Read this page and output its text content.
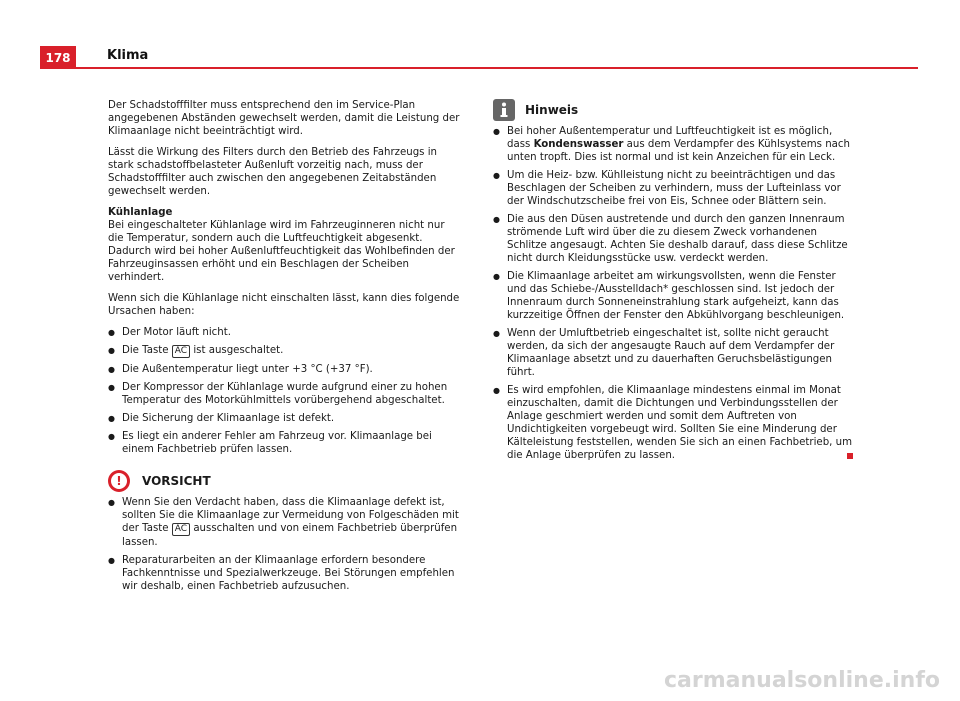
178	Klima

Der Schadstofffilter muss entsprechend den im Service-Plan angegebenen Abständen gewechselt werden, damit die Leistung der Klimaanlage nicht beeinträchtigt wird.

Lässt die Wirkung des Filters durch den Betrieb des Fahrzeugs in stark schadstoffbelasteter Außenluft vorzeitig nach, muss der Schadstofffilter auch zwischen den angegebenen Zeitabständen gewechselt werden.

Kühlanlage

Bei eingeschalteter Kühlanlage wird im Fahrzeuginneren nicht nur die Temperatur, sondern auch die Luftfeuchtigkeit abgesenkt. Dadurch wird bei hoher Außenluftfeuchtigkeit das Wohlbefinden der Fahrzeuginsassen erhöht und ein Beschlagen der Scheiben verhindert.

Wenn sich die Kühlanlage nicht einschalten lässt, kann dies folgende Ursachen haben:

● Der Motor läuft nicht.
● Die Taste AC ist ausgeschaltet.
● Die Außentemperatur liegt unter +3 °C (+37 °F).
● Der Kompressor der Kühlanlage wurde aufgrund einer zu hohen Temperatur des Motorkühlmittels vorübergehend abgeschaltet.
● Die Sicherung der Klimaanlage ist defekt.
● Es liegt ein anderer Fehler am Fahrzeug vor. Klimaanlage bei einem Fachbetrieb prüfen lassen.
!	VORSICHT
● Wenn Sie den Verdacht haben, dass die Klimaanlage defekt ist, sollten Sie die Klimaanlage zur Vermeidung von Folgeschäden mit der Taste AC ausschalten und von einem Fachbetrieb überprüfen lassen.
● Reparaturarbeiten an der Klimaanlage erfordern besondere Fachkenntnisse und Spezialwerkzeuge. Bei Störungen empfehlen wir deshalb, einen Fachbetrieb aufzusuchen.
Hinweis
● Bei hoher Außentemperatur und Luftfeuchtigkeit ist es möglich, dass Kondenswasser aus dem Verdampfer des Kühlsystems nach unten tropft. Dies ist normal und ist kein Anzeichen für ein Leck.
● Um die Heiz- bzw. Kühlleistung nicht zu beeinträchtigen und das Beschlagen der Scheiben zu verhindern, muss der Lufteinlass vor der Windschutzscheibe frei von Eis, Schnee oder Blättern sein.
● Die aus den Düsen austretende und durch den ganzen Innenraum strömende Luft wird über die zu diesem Zweck vorhandenen Schlitze angesaugt. Achten Sie deshalb darauf, dass diese Schlitze nicht durch Kleidungsstücke usw. verdeckt werden.
● Die Klimaanlage arbeitet am wirkungsvollsten, wenn die Fenster und das Schiebe-/Ausstelldach* geschlossen sind. Ist jedoch der Innenraum durch Sonneneinstrahlung stark aufgeheizt, kann das kurzzeitige Öffnen der Fenster den Abkühlvorgang beschleunigen.
● Wenn der Umluftbetrieb eingeschaltet ist, sollte nicht geraucht werden, da sich der angesaugte Rauch auf dem Verdampfer der Klimaanlage absetzt und zu dauerhaften Geruchsbelästigungen führt.
● Es wird empfohlen, die Klimaanlage mindestens einmal im Monat einzuschalten, damit die Dichtungen und Verbindungsstellen der Anlage geschmiert werden und somit dem Auftreten von Undichtigkeiten vorgebeugt wird. Sollten Sie eine Minderung der Kälteleistung feststellen, wenden Sie sich an einen Fachbetrieb, um die Anlage überprüfen zu lassen.
carmanualsonline.info
